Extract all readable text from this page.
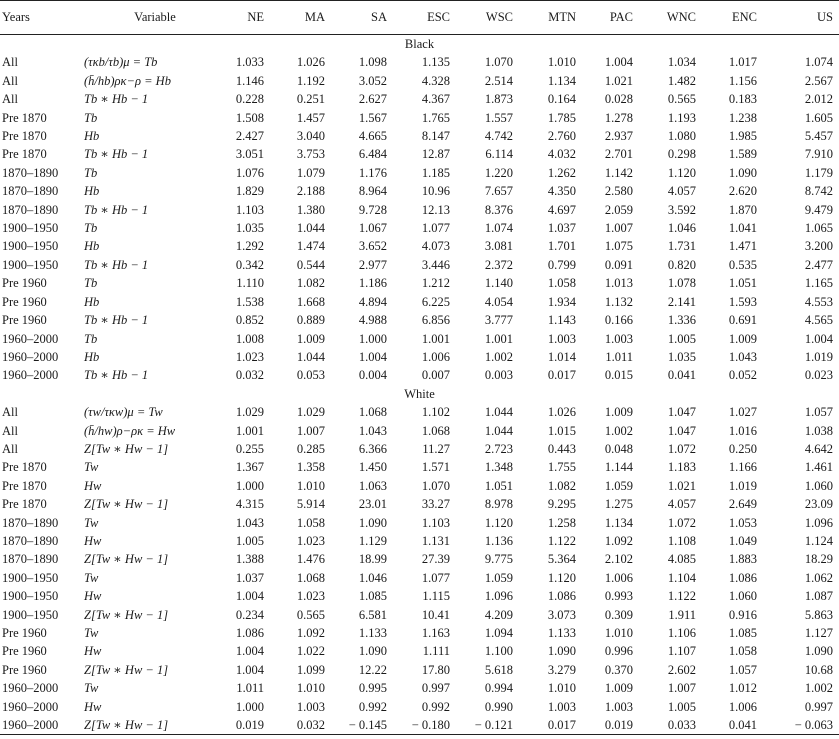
Years	Variable	NE	MA	SA	ESC	WSC	MTN	PAC	WNC	ENC	US
Black											
All	(τκb/τb)μ = Tb	1.033	1.026	1.098	1.135	1.070	1.010	1.004	1.034	1.017	1.074
All	(h̄/hb)ρκ−ρ = Hb	1.146	1.192	3.052	4.328	2.514	1.134	1.021	1.482	1.156	2.567
All	Tb ∗ Hb − 1	0.228	0.251	2.627	4.367	1.873	0.164	0.028	0.565	0.183	2.012
Pre 1870	Tb	1.508	1.457	1.567	1.765	1.557	1.785	1.278	1.193	1.238	1.605
Pre 1870	Hb	2.427	3.040	4.665	8.147	4.742	2.760	2.937	1.080	1.985	5.457
Pre 1870	Tb ∗ Hb − 1	3.051	3.753	6.484	12.87	6.114	4.032	2.701	0.298	1.589	7.910
1870–1890	Tb	1.076	1.079	1.176	1.185	1.220	1.262	1.142	1.120	1.090	1.179
1870–1890	Hb	1.829	2.188	8.964	10.96	7.657	4.350	2.580	4.057	2.620	8.742
1870–1890	Tb ∗ Hb − 1	1.103	1.380	9.728	12.13	8.376	4.697	2.059	3.592	1.870	9.479
1900–1950	Tb	1.035	1.044	1.067	1.077	1.074	1.037	1.007	1.046	1.041	1.065
1900–1950	Hb	1.292	1.474	3.652	4.073	3.081	1.701	1.075	1.731	1.471	3.200
1900–1950	Tb ∗ Hb − 1	0.342	0.544	2.977	3.446	2.372	0.799	0.091	0.820	0.535	2.477
Pre 1960	Tb	1.110	1.082	1.186	1.212	1.140	1.058	1.013	1.078	1.051	1.165
Pre 1960	Hb	1.538	1.668	4.894	6.225	4.054	1.934	1.132	2.141	1.593	4.553
Pre 1960	Tb ∗ Hb − 1	0.852	0.889	4.988	6.856	3.777	1.143	0.166	1.336	0.691	4.565
1960–2000	Tb	1.008	1.009	1.000	1.001	1.001	1.003	1.003	1.005	1.009	1.004
1960–2000	Hb	1.023	1.044	1.004	1.006	1.002	1.014	1.011	1.035	1.043	1.019
1960–2000	Tb ∗ Hb − 1	0.032	0.053	0.004	0.007	0.003	0.017	0.015	0.041	0.052	0.023
White											
All	(τw/τκw)μ = Tw	1.029	1.029	1.068	1.102	1.044	1.026	1.009	1.047	1.027	1.057
All	(h̄/hw)ρ−ρκ = Hw	1.001	1.007	1.043	1.068	1.044	1.015	1.002	1.047	1.016	1.038
All	Z[Tw ∗ Hw − 1]	0.255	0.285	6.366	11.27	2.723	0.443	0.048	1.072	0.250	4.642
Pre 1870	Tw	1.367	1.358	1.450	1.571	1.348	1.755	1.144	1.183	1.166	1.461
Pre 1870	Hw	1.000	1.010	1.063	1.070	1.051	1.082	1.059	1.021	1.019	1.060
Pre 1870	Z[Tw ∗ Hw − 1]	4.315	5.914	23.01	33.27	8.978	9.295	1.275	4.057	2.649	23.09
1870–1890	Tw	1.043	1.058	1.090	1.103	1.120	1.258	1.134	1.072	1.053	1.096
1870–1890	Hw	1.005	1.023	1.129	1.131	1.136	1.122	1.092	1.108	1.049	1.124
1870–1890	Z[Tw ∗ Hw − 1]	1.388	1.476	18.99	27.39	9.775	5.364	2.102	4.085	1.883	18.29
1900–1950	Tw	1.037	1.068	1.046	1.077	1.059	1.120	1.006	1.104	1.086	1.062
1900–1950	Hw	1.004	1.023	1.085	1.115	1.096	1.086	0.993	1.122	1.060	1.087
1900–1950	Z[Tw ∗ Hw − 1]	0.234	0.565	6.581	10.41	4.209	3.073	0.309	1.911	0.916	5.863
Pre 1960	Tw	1.086	1.092	1.133	1.163	1.094	1.133	1.010	1.106	1.085	1.127
Pre 1960	Hw	1.004	1.022	1.090	1.111	1.100	1.090	0.996	1.107	1.058	1.090
Pre 1960	Z[Tw ∗ Hw − 1]	1.004	1.099	12.22	17.80	5.618	3.279	0.370	2.602	1.057	10.68
1960–2000	Tw	1.011	1.010	0.995	0.997	0.994	1.010	1.009	1.007	1.012	1.002
1960–2000	Hw	1.000	1.003	0.992	0.992	0.990	1.003	1.003	1.005	1.006	0.997
1960–2000	Z[Tw ∗ Hw − 1]	0.019	0.032	− 0.145	− 0.180	− 0.121	0.017	0.019	0.033	0.041	− 0.063
